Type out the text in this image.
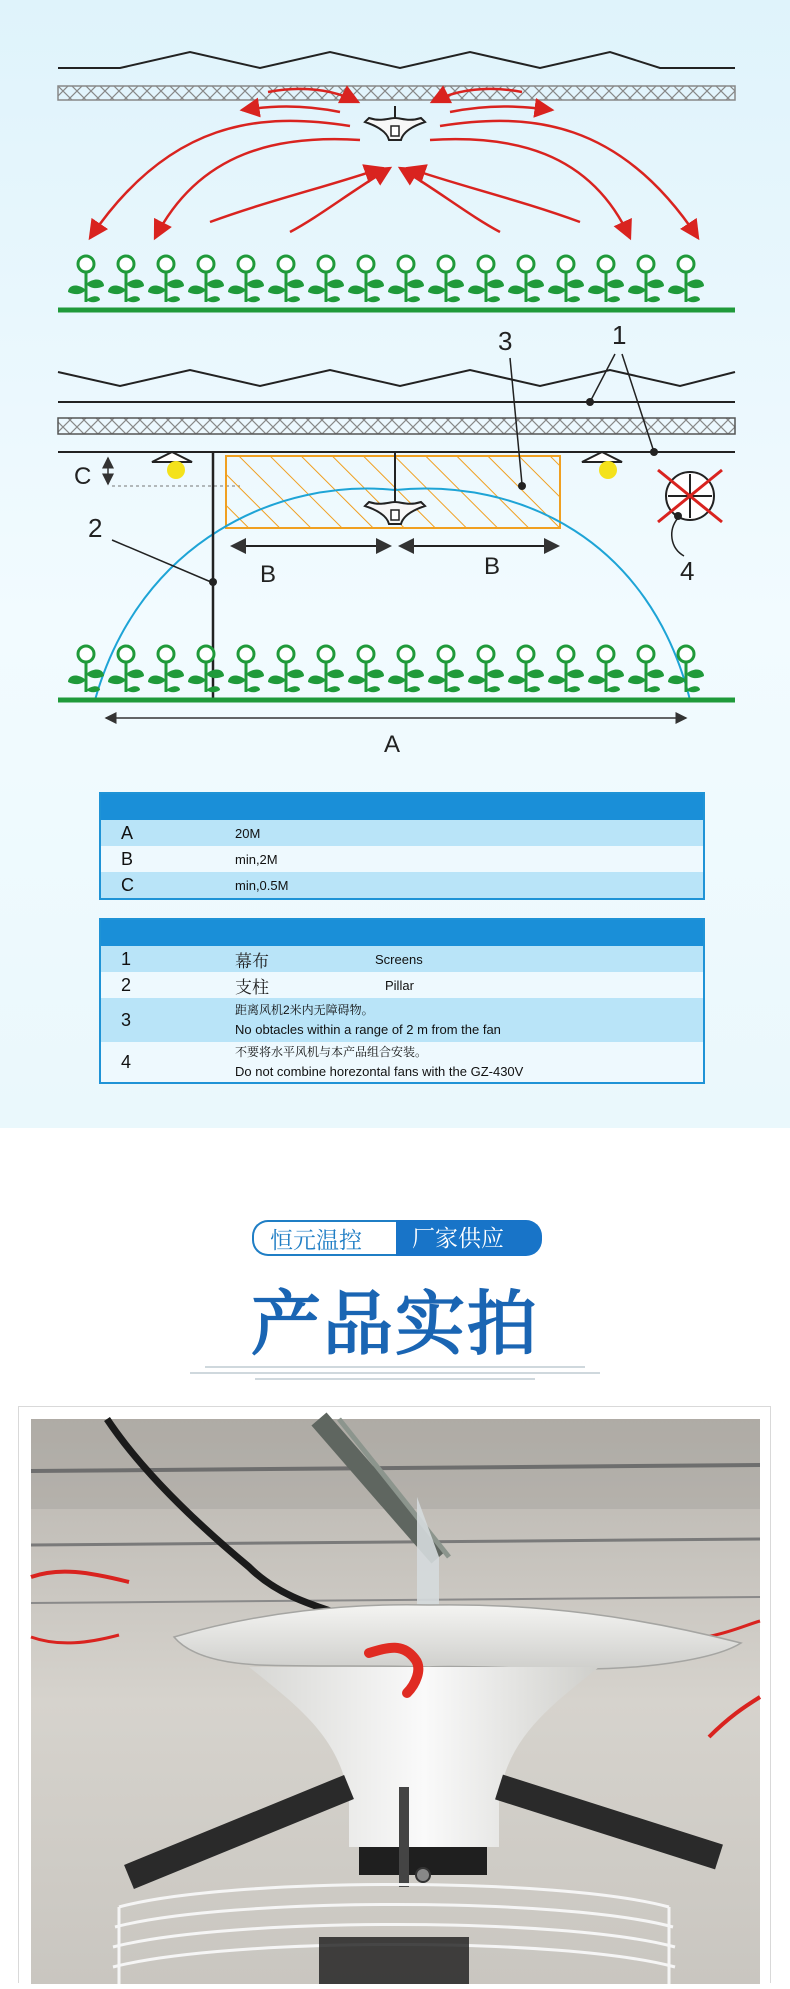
C
2
B	B
3	1
4
A
A	20M
B	min,2M
C	min,0.5M
1	幕布	Screens
2	支柱	Pillar
3	距离风机2米内无障碍物。
No obtacles within a range of 2 m from the fan
4	不要将水平风机与本产品组合安装。
Do not combine horezontal fans with the GZ-430V
恒元温控	厂家供应
产品实拍
